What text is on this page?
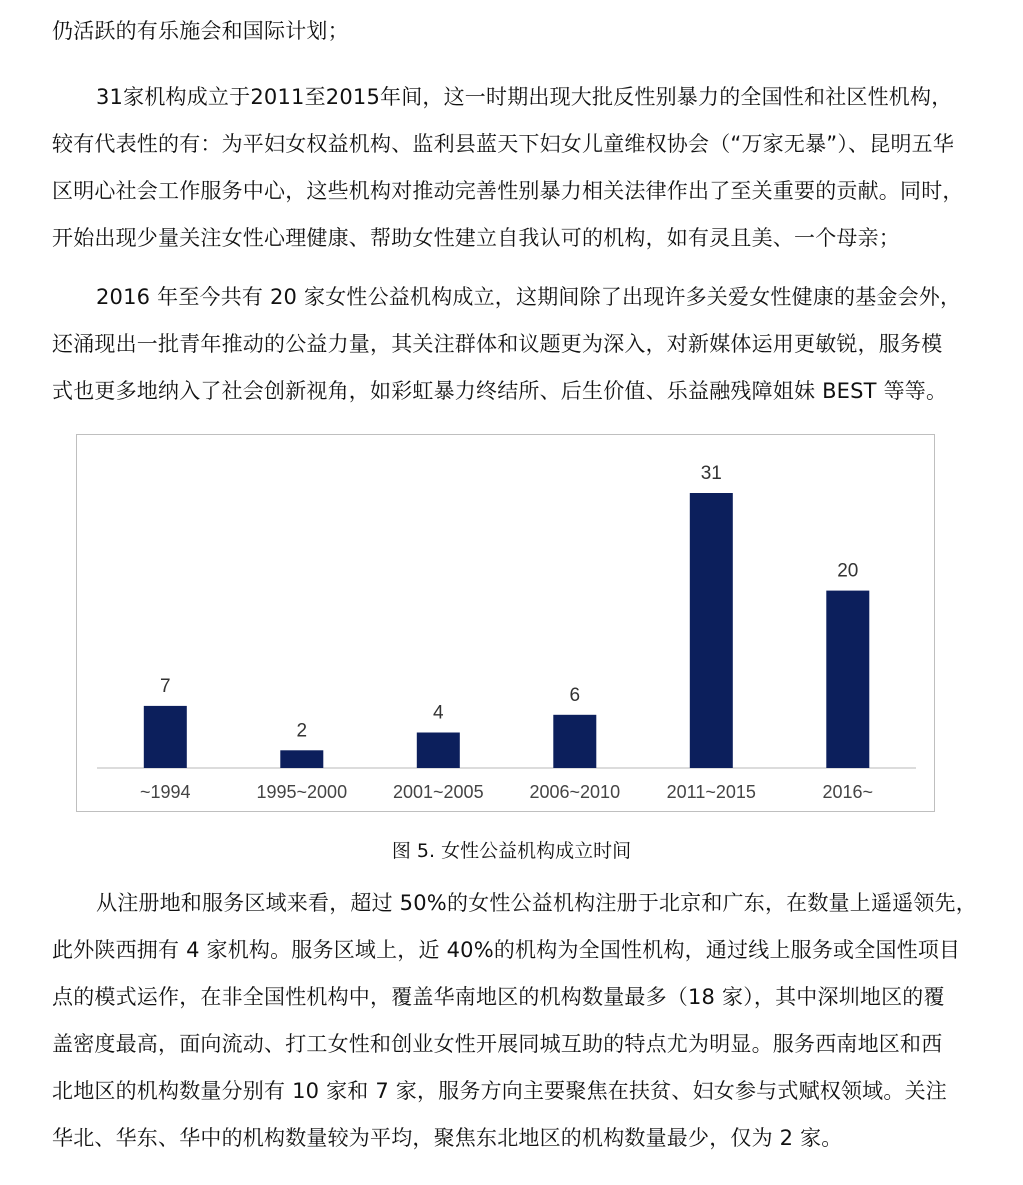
仍活跃的有乐施会和国际计划；
31家机构成立于2011至2015年间，这一时期出现大批反性别暴力的全国性和社区性机构，
较有代表性的有：为平妇女权益机构、监利县蓝天下妇女儿童维权协会（“万家无暴”）、昆明五华
区明心社会工作服务中心，这些机构对推动完善性别暴力相关法律作出了至关重要的贡献。同时，
开始出现少量关注女性心理健康、帮助女性建立自我认可的机构，如有灵且美、一个母亲；
2016 年至今共有 20 家女性公益机构成立，这期间除了出现许多关爱女性健康的基金会外，
还涌现出一批青年推动的公益力量，其关注群体和议题更为深入，对新媒体运用更敏锐，服务模
式也更多地纳入了社会创新视角，如彩虹暴力终结所、后生价值、乐益融残障姐妹 BEST 等等。
7
~1994
2
1995~2000
4
2001~2005
6
2006~2010
31
2011~2015
20
2016~
图 5. 女性公益机构成立时间
从注册地和服务区域来看，超过 50%的女性公益机构注册于北京和广东，在数量上遥遥领先，
此外陕西拥有 4 家机构。服务区域上，近 40%的机构为全国性机构，通过线上服务或全国性项目
点的模式运作，在非全国性机构中，覆盖华南地区的机构数量最多（18 家），其中深圳地区的覆
盖密度最高，面向流动、打工女性和创业女性开展同城互助的特点尤为明显。服务西南地区和西
北地区的机构数量分别有 10 家和 7 家，服务方向主要聚焦在扶贫、妇女参与式赋权领域。关注
华北、华东、华中的机构数量较为平均，聚焦东北地区的机构数量最少，仅为 2 家。
